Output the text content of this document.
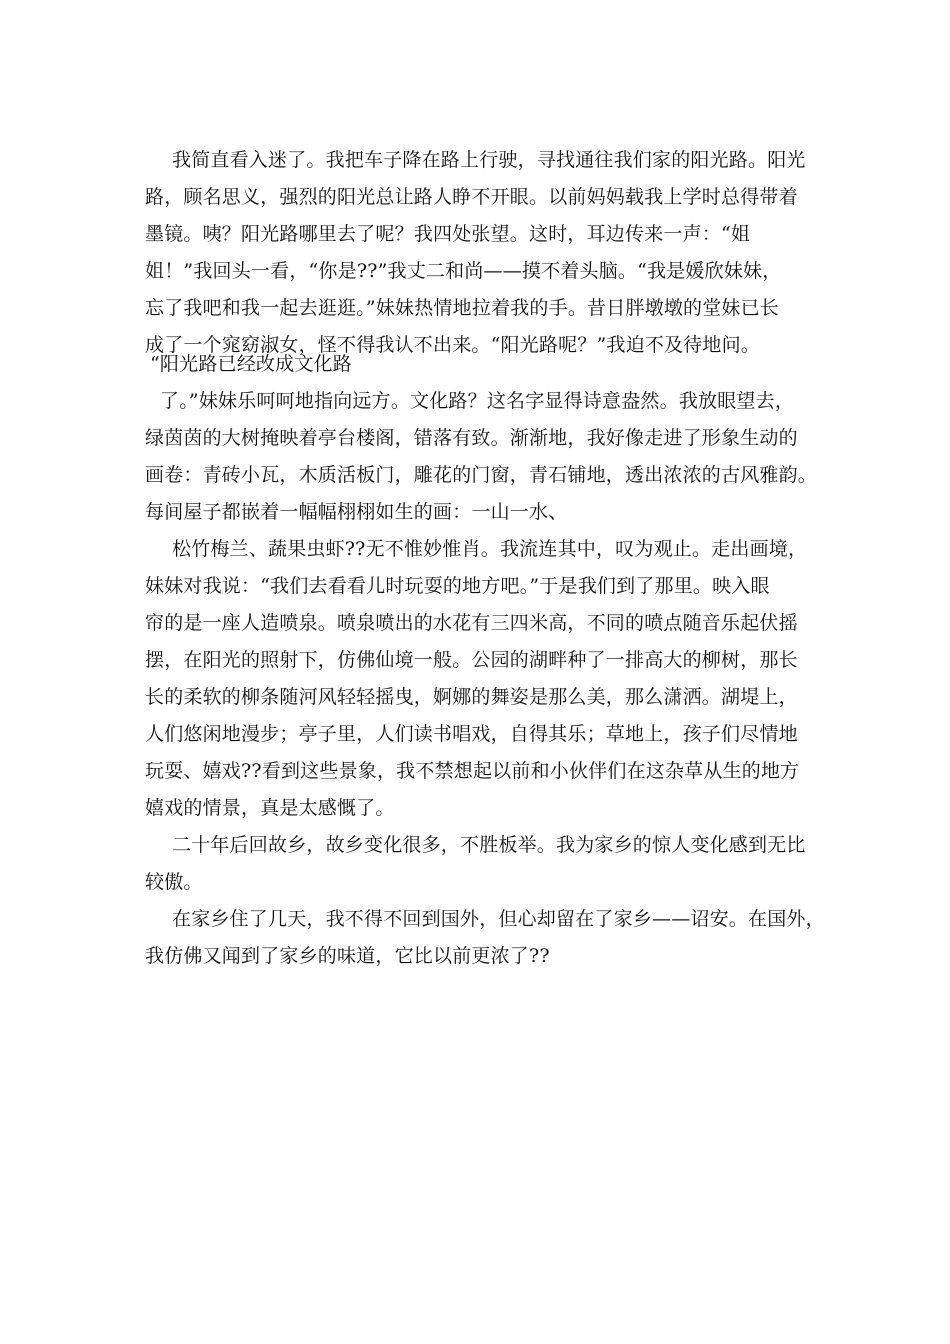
我简直看入迷了。我把车子降在路上行驶，寻找通往我们家的阳光路。阳光
路，顾名思义，强烈的阳光总让路人睁不开眼。以前妈妈载我上学时总得带着
墨镜。咦？阳光路哪里去了呢？我四处张望。这时，耳边传来一声：“姐
姐！”我回头一看，“你是??”我丈二和尚——摸不着头脑。“我是媛欣妹妹，
忘了我吧和我一起去逛逛。”妹妹热情地拉着我的手。昔日胖墩墩的堂妹已长
成了一个窕窈淑女，怪不得我认不出来。“阳光路呢？”我迫不及待地问。
“阳光路已经改成文化路
了。”妹妹乐呵呵地指向远方。文化路？这名字显得诗意盎然。我放眼望去，
绿茵茵的大树掩映着亭台楼阁，错落有致。渐渐地，我好像走进了形象生动的
画卷：青砖小瓦，木质活板门，雕花的门窗，青石铺地，透出浓浓的古风雅韵。
每间屋子都嵌着一幅幅栩栩如生的画：一山一水、
松竹梅兰、蔬果虫虾??无不惟妙惟肖。我流连其中，叹为观止。走出画境，
妹妹对我说：“我们去看看儿时玩耍的地方吧。”于是我们到了那里。映入眼
帘的是一座人造喷泉。喷泉喷出的水花有三四米高，不同的喷点随音乐起伏摇
摆，在阳光的照射下，仿佛仙境一般。公园的湖畔种了一排高大的柳树，那长
长的柔软的柳条随河风轻轻摇曳，婀娜的舞姿是那么美，那么潇洒。湖堤上，
人们悠闲地漫步；亭子里，人们读书唱戏，自得其乐；草地上，孩子们尽情地
玩耍、嬉戏??看到这些景象，我不禁想起以前和小伙伴们在这杂草从生的地方
嬉戏的情景，真是太感慨了。
二十年后回故乡，故乡变化很多，不胜板举。我为家乡的惊人变化感到无比
较傲。
在家乡住了几天，我不得不回到国外，但心却留在了家乡——诏安。在国外，
我仿佛又闻到了家乡的味道，它比以前更浓了??
